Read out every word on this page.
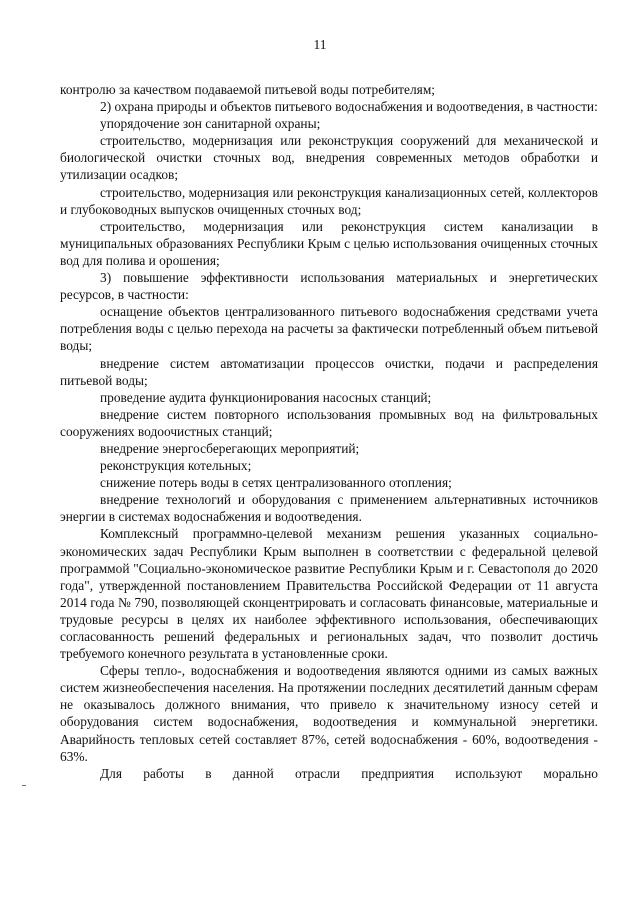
11

контролю за качеством подаваемой питьевой воды потребителям;

2) охрана природы и объектов питьевого водоснабжения и водоотведения, в частности:

упорядочение зон санитарной охраны;

строительство, модернизация или реконструкция сооружений для механической и биологической очистки сточных вод, внедрения современных методов обработки и утилизации осадков;

строительство, модернизация или реконструкция канализационных сетей, коллекторов и глубоководных выпусков очищенных сточных вод;

строительство, модернизация или реконструкция систем канализации в муниципальных образованиях Республики Крым с целью использования очищенных сточных вод для полива и орошения;

3) повышение эффективности использования материальных и энергетических ресурсов, в частности:

оснащение объектов централизованного питьевого водоснабжения средствами учета потребления воды с целью перехода на расчеты за фактически потребленный объем питьевой воды;

внедрение систем автоматизации процессов очистки, подачи и распределения питьевой воды;

проведение аудита функционирования насосных станций;

внедрение систем повторного использования промывных вод на фильтровальных сооружениях водоочистных станций;

внедрение энергосберегающих мероприятий;

реконструкция котельных;

снижение потерь воды в сетях централизованного отопления;

внедрение технологий и оборудования с применением альтернативных источников энергии в системах водоснабжения и водоотведения.

Комплексный программно-целевой механизм решения указанных социально-экономических задач Республики Крым выполнен в соответствии с федеральной целевой программой "Социально-экономическое развитие Республики Крым и г. Севастополя до 2020 года", утвержденной постановлением Правительства Российской Федерации от 11 августа 2014 года № 790, позволяющей сконцентрировать и согласовать финансовые, материальные и трудовые ресурсы в целях их наиболее эффективного использования, обеспечивающих согласованность решений федеральных и региональных задач, что позволит достичь требуемого конечного результата в установленные сроки.

Сферы тепло-, водоснабжения и водоотведения являются одними из самых важных систем жизнеобеспечения населения. На протяжении последних десятилетий данным сферам не оказывалось должного внимания, что привело к значительному износу сетей и оборудования систем водоснабжения, водоотведения и коммунальной энергетики. Аварийность тепловых сетей составляет 87%, сетей водоснабжения - 60%, водоотведения - 63%.

Для работы в данной отрасли предприятия используют морально
